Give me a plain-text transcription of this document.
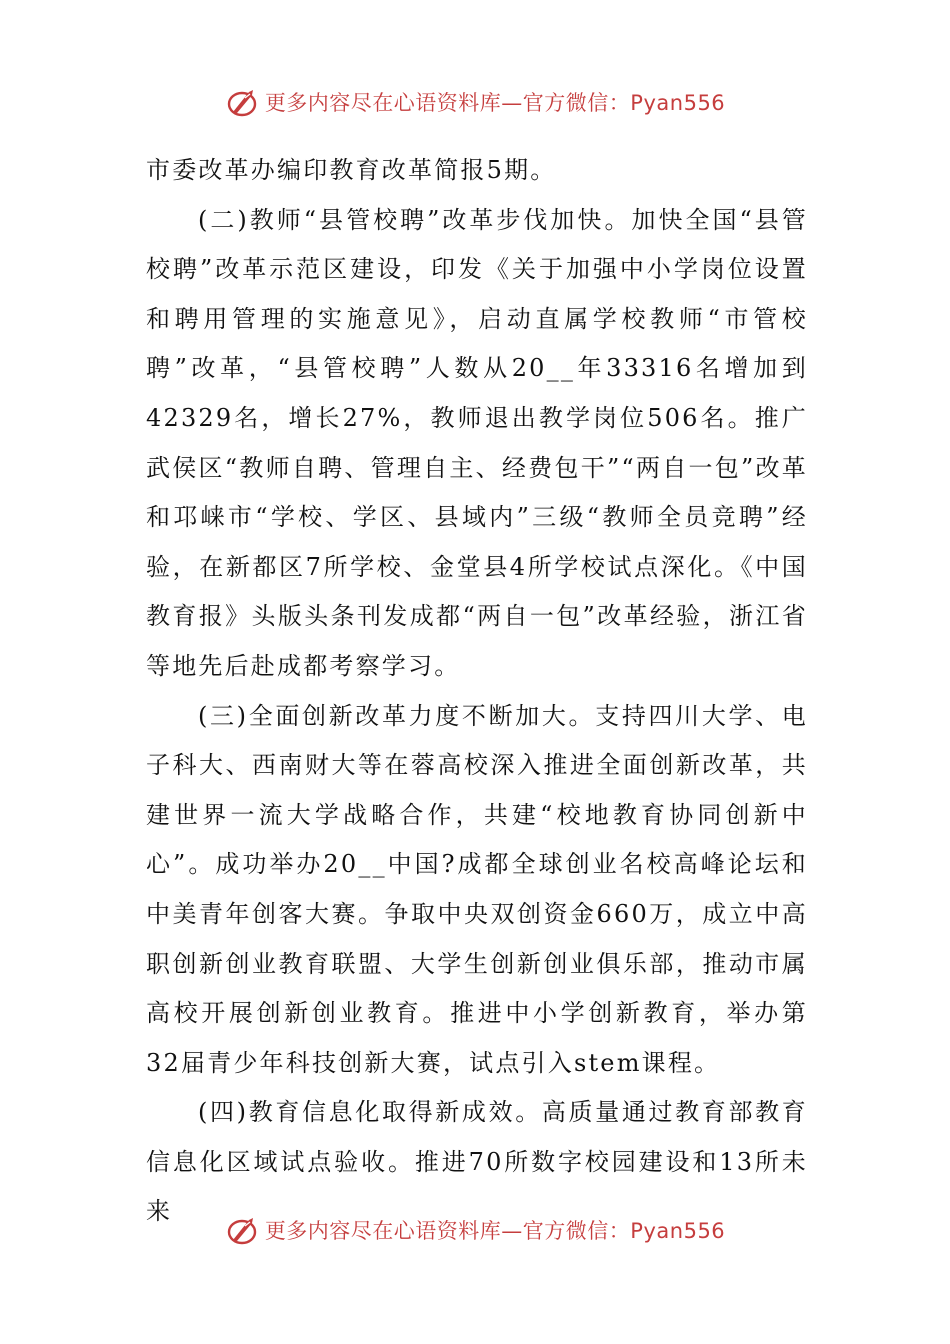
更多内容尽在心语资料库—官方微信：Pyan556

市委改革办编印教育改革简报5期。

(二)教师“县管校聘”改革步伐加快。加快全国“县管校聘”改革示范区建设，印发《关于加强中小学岗位设置和聘用管理的实施意见》，启动直属学校教师“市管校聘”改革，“县管校聘”人数从20__年33316名增加到42329名，增长27%，教师退出教学岗位506名。推广武侯区“教师自聘、管理自主、经费包干”“两自一包”改革和邛崃市“学校、学区、县域内”三级“教师全员竞聘”经验，在新都区7所学校、金堂县4所学校试点深化。《中国教育报》头版头条刊发成都“两自一包”改革经验，浙江省等地先后赴成都考察学习。

(三)全面创新改革力度不断加大。支持四川大学、电子科大、西南财大等在蓉高校深入推进全面创新改革，共建世界一流大学战略合作，共建“校地教育协同创新中心”。成功举办20__中国?成都全球创业名校高峰论坛和中美青年创客大赛。争取中央双创资金660万，成立中高职创新创业教育联盟、大学生创新创业俱乐部，推动市属高校开展创新创业教育。推进中小学创新教育，举办第32届青少年科技创新大赛，试点引入stem课程。

(四)教育信息化取得新成效。高质量通过教育部教育信息化区域试点验收。推进70所数字校园建设和13所未来

更多内容尽在心语资料库—官方微信：Pyan556
